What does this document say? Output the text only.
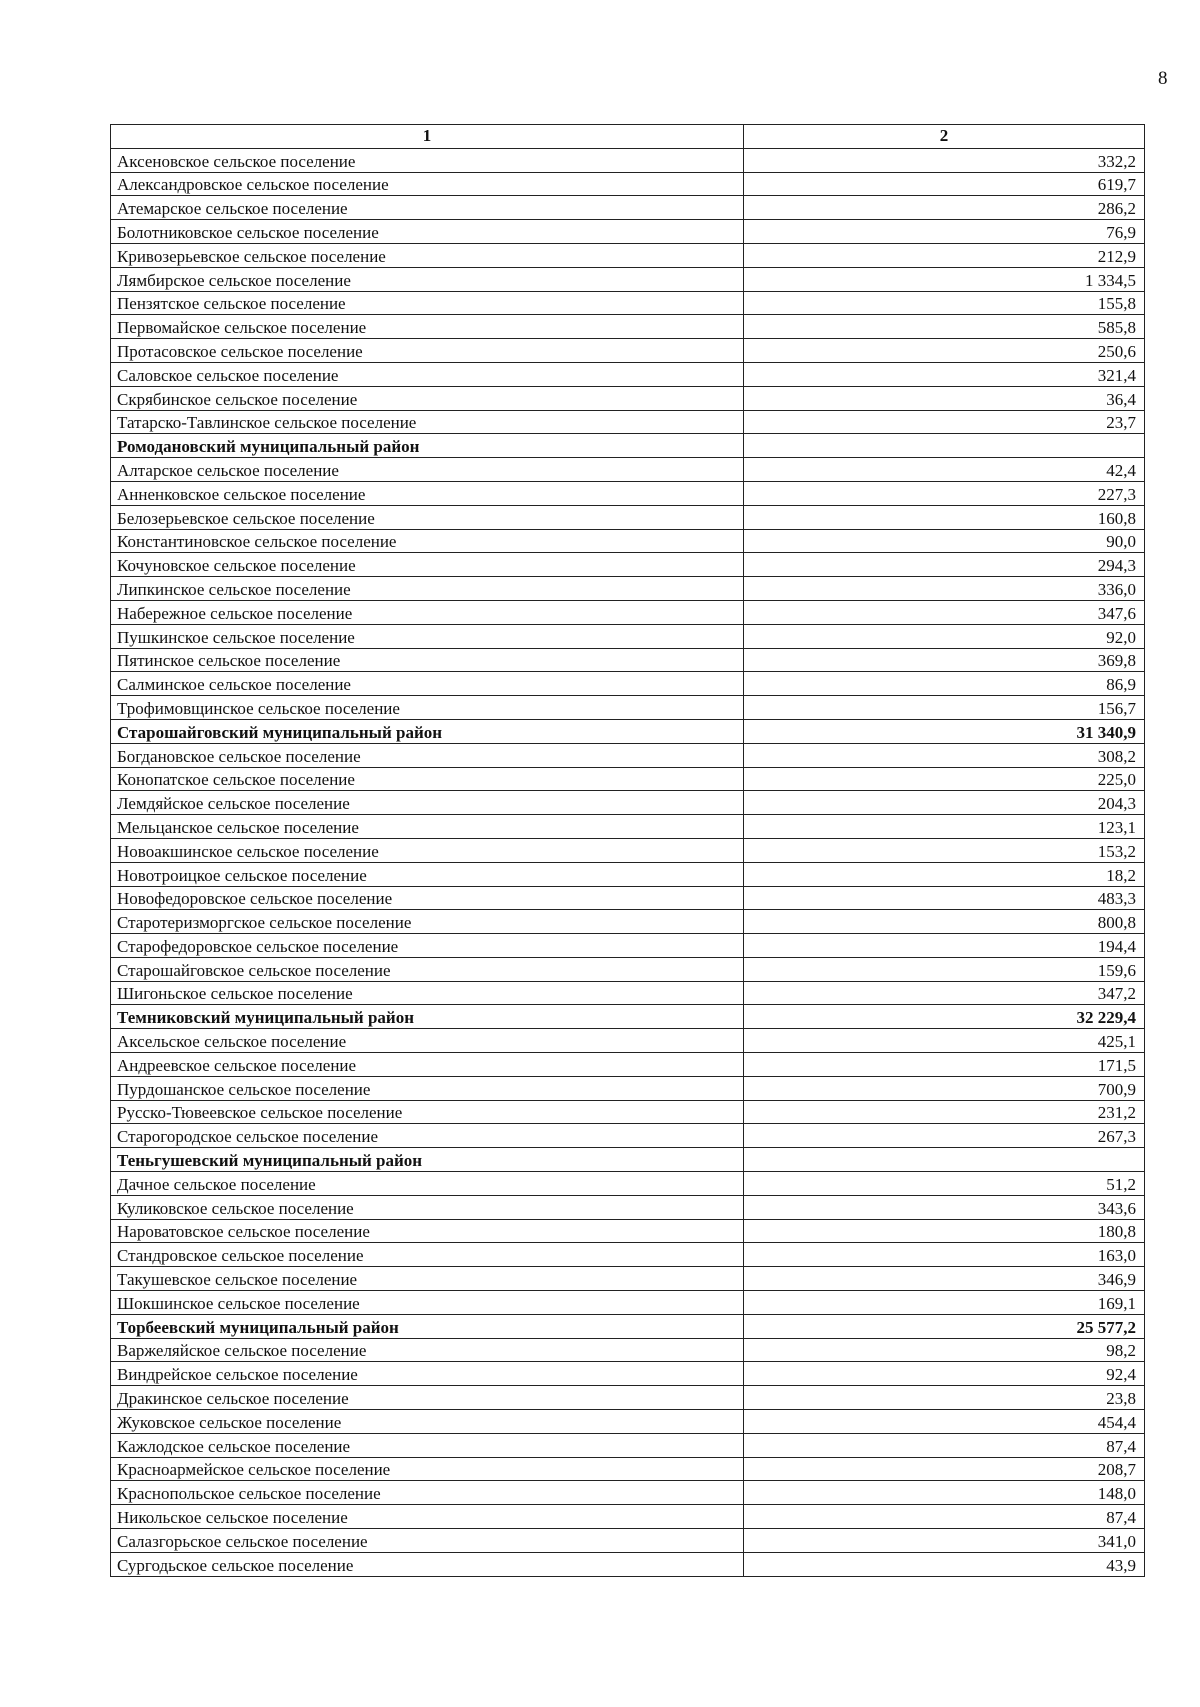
8
1	2
Аксеновское сельское поселение	332,2
Александровское сельское поселение	619,7
Атемарское сельское поселение	286,2
Болотниковское сельское поселение	76,9
Кривозерьевское сельское поселение	212,9
Лямбирское сельское поселение	1 334,5
Пензятское сельское поселение	155,8
Первомайское сельское поселение	585,8
Протасовское сельское поселение	250,6
Саловское сельское поселение	321,4
Скрябинское сельское поселение	36,4
Татарско-Тавлинское сельское поселение	23,7
Ромодановский муниципальный район	
Алтарское сельское поселение	42,4
Анненковское сельское поселение	227,3
Белозерьевское сельское поселение	160,8
Константиновское сельское поселение	90,0
Кочуновское сельское поселение	294,3
Липкинское сельское поселение	336,0
Набережное сельское поселение	347,6
Пушкинское сельское поселение	92,0
Пятинское сельское поселение	369,8
Салминское сельское поселение	86,9
Трофимовщинское сельское поселение	156,7
Старошайговский муниципальный район	31 340,9
Богдановское сельское поселение	308,2
Конопатское сельское поселение	225,0
Лемдяйское сельское поселение	204,3
Мельцанское сельское поселение	123,1
Новоакшинское сельское поселение	153,2
Новотроицкое сельское поселение	18,2
Новофедоровское сельское поселение	483,3
Старотеризморгское сельское поселение	800,8
Старофедоровское сельское поселение	194,4
Старошайговское сельское поселение	159,6
Шигоньское сельское поселение	347,2
Темниковский муниципальный район	32 229,4
Аксельское сельское поселение	425,1
Андреевское сельское поселение	171,5
Пурдошанское сельское поселение	700,9
Русско-Тювеевское сельское поселение	231,2
Старогородское сельское поселение	267,3
Теньгушевский муниципальный район	
Дачное сельское поселение	51,2
Куликовское сельское поселение	343,6
Нароватовское сельское поселение	180,8
Стандровское сельское поселение	163,0
Такушевское сельское поселение	346,9
Шокшинское сельское поселение	169,1
Торбеевский муниципальный район	25 577,2
Варжеляйское сельское поселение	98,2
Виндрейское сельское поселение	92,4
Дракинское сельское поселение	23,8
Жуковское сельское поселение	454,4
Кажлодское сельское поселение	87,4
Красноармейское сельское поселение	208,7
Краснопольское сельское поселение	148,0
Никольское сельское поселение	87,4
Салазгорьское сельское поселение	341,0
Сургодьское сельское поселение	43,9
